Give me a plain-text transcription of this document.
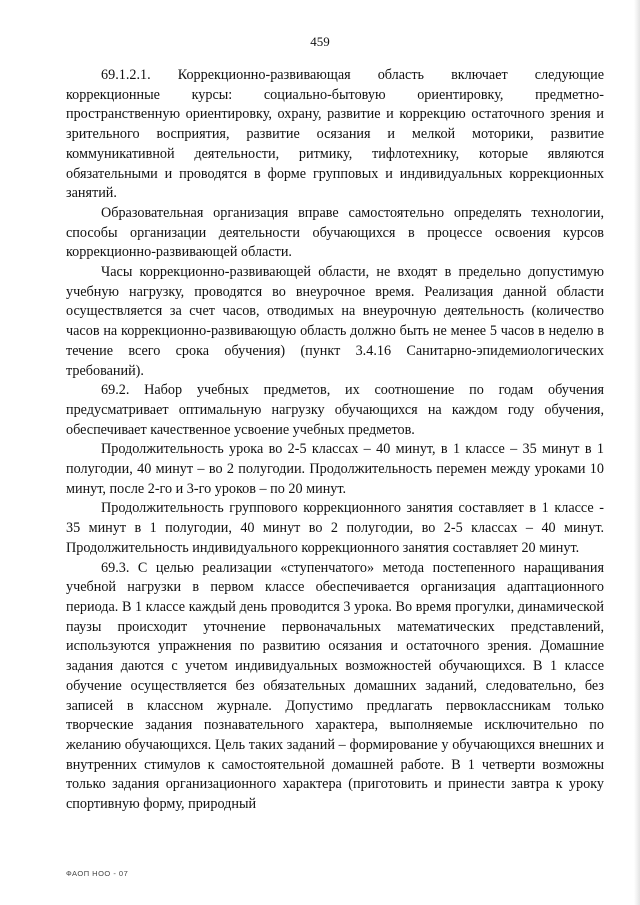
459

69.1.2.1. Коррекционно-развивающая область включает следующие коррекционные курсы: социально-бытовую ориентировку, предметно-пространственную ориентировку, охрану, развитие и коррекцию остаточного зрения и зрительного восприятия, развитие осязания и мелкой моторики, развитие коммуникативной деятельности, ритмику, тифлотехнику, которые являются обязательными и проводятся в форме групповых и индивидуальных коррекционных занятий.

Образовательная организация вправе самостоятельно определять технологии, способы организации деятельности обучающихся в процессе освоения курсов коррекционно-развивающей области.

Часы коррекционно-развивающей области, не входят в предельно допустимую учебную нагрузку, проводятся во внеурочное время. Реализация данной области осуществляется за счет часов, отводимых на внеурочную деятельность (количество часов на коррекционно-развивающую область должно быть не менее 5 часов в неделю в течение всего срока обучения) (пункт 3.4.16 Санитарно-эпидемиологических требований).

69.2. Набор учебных предметов, их соотношение по годам обучения предусматривает оптимальную нагрузку обучающихся на каждом году обучения, обеспечивает качественное усвоение учебных предметов.

Продолжительность урока во 2-5 классах – 40 минут, в 1 классе – 35 минут в 1 полугодии, 40 минут – во 2 полугодии. Продолжительность перемен между уроками 10 минут, после 2-го и 3-го уроков – по 20 минут.

Продолжительность группового коррекционного занятия составляет в 1 классе - 35 минут в 1 полугодии, 40 минут во 2 полугодии, во 2-5 классах – 40 минут. Продолжительность индивидуального коррекционного занятия составляет 20 минут.

69.3. С целью реализации «ступенчатого» метода постепенного наращивания учебной нагрузки в первом классе обеспечивается организация адаптационного периода. В 1 классе каждый день проводится 3 урока. Во время прогулки, динамической паузы происходит уточнение первоначальных математических представлений, используются упражнения по развитию осязания и остаточного зрения. Домашние задания даются с учетом индивидуальных возможностей обучающихся. В 1 классе обучение осуществляется без обязательных домашних заданий, следовательно, без записей в классном журнале. Допустимо предлагать первоклассникам только творческие задания познавательного характера, выполняемые исключительно по желанию обучающихся. Цель таких заданий – формирование у обучающихся внешних и внутренних стимулов к самостоятельной домашней работе. В 1 четверти возможны только задания организационного характера (приготовить и принести завтра к уроку спортивную форму, природный

ФАОП НОО - 07
